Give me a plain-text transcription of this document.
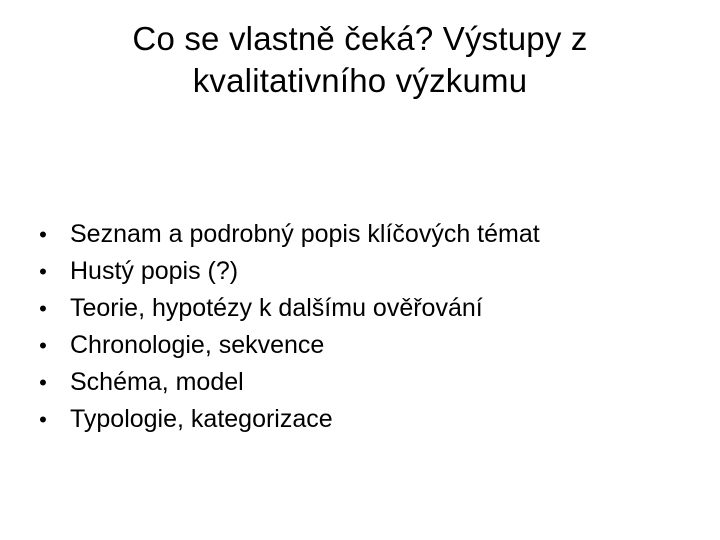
Co se vlastně čeká? Výstupy z kvalitativního výzkumu
• Seznam a podrobný popis klíčových témat
• Hustý popis (?)
• Teorie, hypotézy k dalšímu ověřování
• Chronologie, sekvence
• Schéma, model
• Typologie, kategorizace
